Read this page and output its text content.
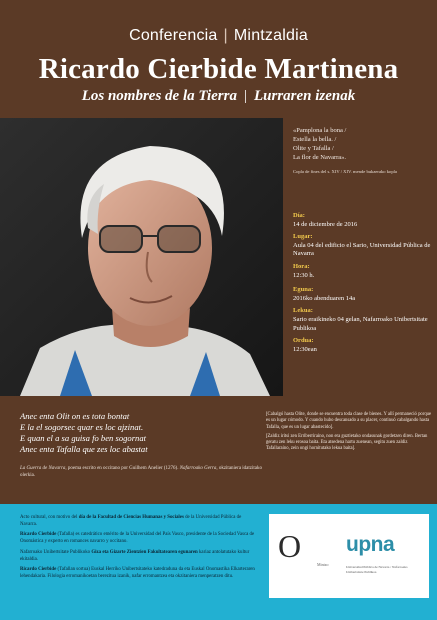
Conferencia | Mintzaldia
Ricardo Cierbide Martinena
Los nombres de la Tierra | Lurraren izenak
«Pamplona la bona /
Estella la bella. /
Olite y Tafalla /
La flor de Navarra».
Copla de fines del s. XIV / XIV. mende bukaerako kopla
Día:
14 de diciembre de 2016
Lugar:
Aula 04 del edificio el Sario, Universidad Pública de Navarra
Hora:
12:30 h.
Eguna:
2016ko abenduaren 14a
Lekua:
Sario eraikineko 04 gelan, Nafarroako Unibertsitate Publikoa
Ordua:
12:30ean
Anec enta Olit on es tota bontat
E la el sogorsec quar es loc ajzinat.
E quan el a sa guisa fo ben sogornat
Anec enta Tafalla que zes loc abastat
La Guerra de Navarra, poema escrito en occitano por Guilhem Anelier (1276). Nafarroako Gerra, okzitaniera idatzitako olerkia.

[Cabalgó hasta Olite, donde se encuentra toda clase de bienes. Y allí permaneció porque es un lugar cómodo. Y cuando hubo descansado a su placer, continuó cabalgando hasta Tafalla, que es un lugar abastecido].

[Zaldiz iritsi zen Erriberriraino, non era guztietako ondasunak gordetzen diren. Bertan geratu zen leku erosoa baita. Eta atsedena hartu zuenean, segitu zuen zaldiz Tafallaraino, zein ongi hornitutako lekua baita].

Acto cultural, con motivo del día de la Facultad de Ciencias Humanas y Sociales de la Universidad Pública de Navarra.

Ricardo Cierbide (Tafalla) es catedrático emérito de la Universidad del País Vasco, presidente de la Sociedad Vasca de Onomástica y experto en romances navarro y occitano.

Nafarroako Unibertsitate Publikoko Giza eta Gizarte Zientzien Fakultatearen egunaren kariaz antolatutako kultur ekitaldia.

Ricardo Cierbide (Tafallan sortua) Euskal Herriko Unibertsitateko katedraduna da eta Euskal Onomastika Elkarteraren lehendakaria. Filologia erromanikoetan berezitua izanik, nafar erromantzea eta okzitaniera menperatzen ditu.

O
Mintzo
upna
Universidad Pública de Navarra / Nafarroako Unibertsitate Publikoa
